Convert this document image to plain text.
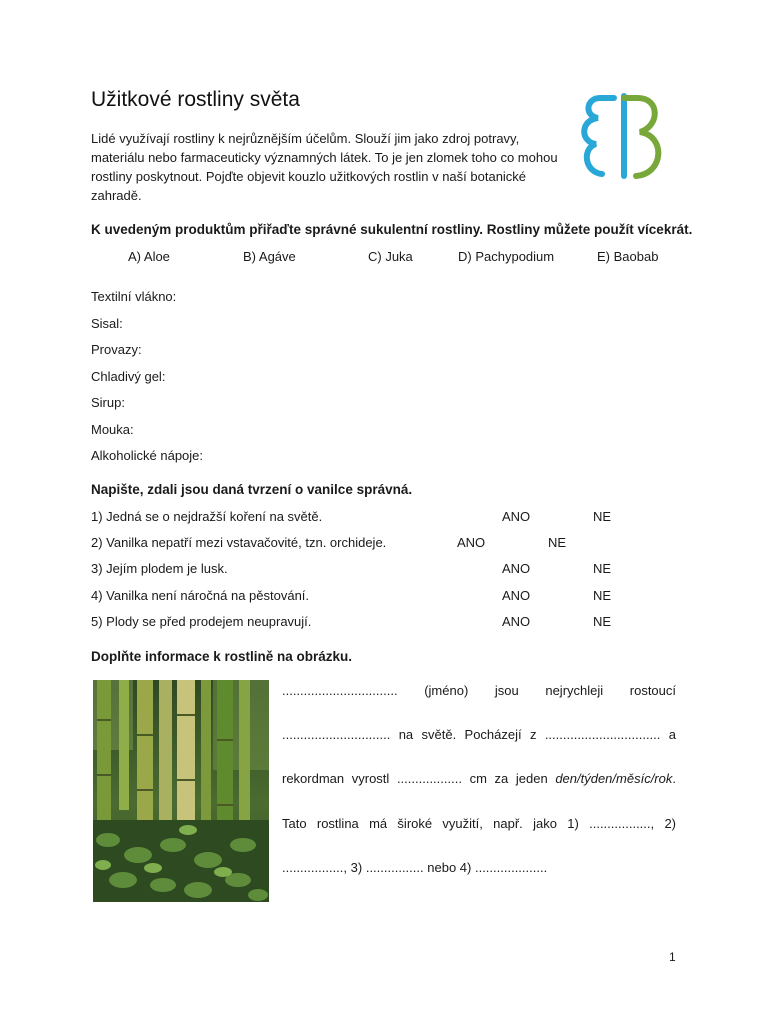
Užitkové rostliny světa

Lidé využívají rostliny k nejrůznějším účelům. Slouží jim jako zdroj potravy, materiálu nebo farmaceuticky významných látek. To je jen zlomek toho co mohou rostliny poskytnout. Pojďte objevit kouzlo užitkových rostlin v naší botanické zahradě.

K uvedeným produktům přiřaďte správné sukulentní rostliny. Rostliny můžete použít vícekrát.

A) Aloe	B) Agáve	C) Juka	D) Pachypodium	E) Baobab
Textilní vlákno:
Sisal:
Provazy:
Chladivý gel:
Sirup:
Mouka:
Alkoholické nápoje:

Napište, zdali jsou daná tvrzení o vanilce správná.

1) Jedná se o nejdražší koření na světě.	ANO	NE
2) Vanilka nepatří mezi vstavačovité, tzn. orchideje.	ANO	NE
3) Jejím plodem je lusk.	ANO	NE
4) Vanilka není náročná na pěstování.	ANO	NE
5) Plody se před prodejem neupravují.	ANO	NE

Doplňte informace k rostlině na obrázku.

................................ (jméno) jsou nejrychleji rostoucí
.............................. na světě. Pocházejí z ................................ a
rekordman vyrostl .................. cm za jeden den/týden/měsíc/rok.
Tato rostlina má široké využití, např. jako 1) ................., 2)
................., 3) ................ nebo 4) ....................
1
